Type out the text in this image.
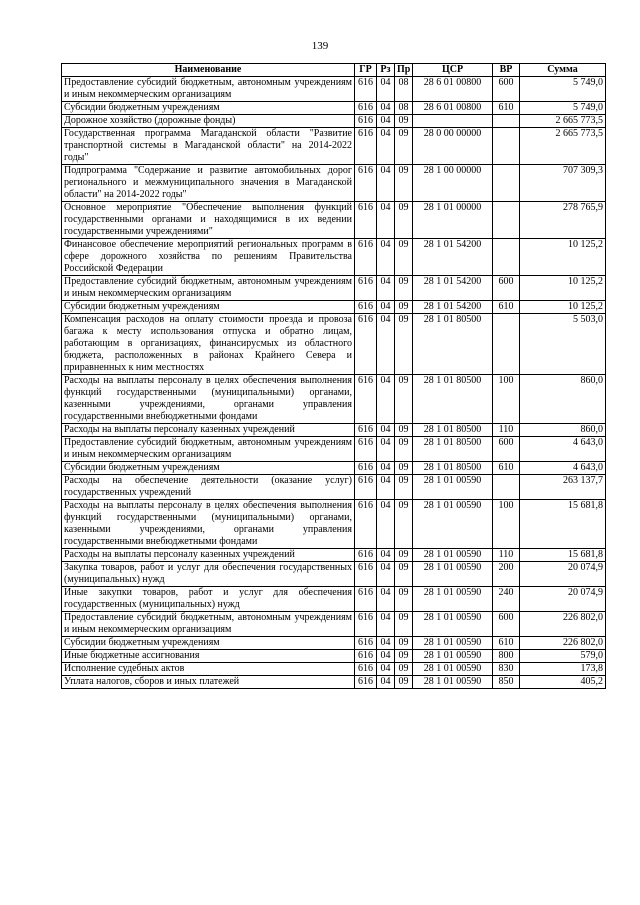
139
Наименование	ГР	Рз	Пр	ЦСР	ВР	Сумма
Предоставление субсидий бюджетным, автономным учреждениям и иным некоммерческим организациям	616	04	08	28 6 01 00800	600	5 749,0
Субсидии бюджетным учреждениям	616	04	08	28 6 01 00800	610	5 749,0
Дорожное хозяйство (дорожные фонды)	616	04	09			2 665 773,5
Государственная программа Магаданской области "Развитие транспортной системы в Магаданской области" на 2014-2022 годы"	616	04	09	28 0 00 00000		2 665 773,5
Подпрограмма "Содержание и развитие автомобильных дорог регионального и межмуниципального значения в Магаданской области" на 2014-2022 годы"	616	04	09	28 1 00 00000		707 309,3
Основное мероприятие "Обеспечение выполнения функций государственными органами и находящимися в их ведении государственными учреждениями"	616	04	09	28 1 01 00000		278 765,9
Финансовое обеспечение мероприятий региональных программ в сфере дорожного хозяйства по решениям Правительства Российской Федерации	616	04	09	28 1 01 54200		10 125,2
Предоставление субсидий бюджетным, автономным учреждениям и иным некоммерческим организациям	616	04	09	28 1 01 54200	600	10 125,2
Субсидии бюджетным учреждениям	616	04	09	28 1 01 54200	610	10 125,2
Компенсация расходов на оплату стоимости проезда и провоза багажа к месту использования отпуска и обратно лицам, работающим в организациях, финансирусмых из областного бюджета, расположенных в районах Крайнего Севера и приравненных к ним местностях	616	04	09	28 1 01 80500		5 503,0
Расходы на выплаты персоналу в целях обеспечения выполнения функций государственными (муниципальными) органами, казенными учреждениями, органами управления государственными внебюджетными фондами	616	04	09	28 1 01 80500	100	860,0
Расходы на выплаты персоналу казенных учреждений	616	04	09	28 1 01 80500	110	860,0
Предоставление субсидий бюджетным, автономным учреждениям и иным некоммерческим организациям	616	04	09	28 1 01 80500	600	4 643,0
Субсидии бюджетным учреждениям	616	04	09	28 1 01 80500	610	4 643,0
Расходы на обеспечение деятельности (оказание услуг) государственных учреждений	616	04	09	28 1 01 00590		263 137,7
Расходы на выплаты персоналу в целях обеспечения выполнения функций государственными (муниципальными) органами, казенными учреждениями, органами управления государственными внебюджетными фондами	616	04	09	28 1 01 00590	100	15 681,8
Расходы на выплаты персоналу казенных учреждений	616	04	09	28 1 01 00590	110	15 681,8
Закупка товаров, работ и услуг для обеспечения государственных (муниципальных) нужд	616	04	09	28 1 01 00590	200	20 074,9
Иные закупки товаров, работ и услуг для обеспечения государственных (муниципальных) нужд	616	04	09	28 1 01 00590	240	20 074,9
Предоставление субсидий бюджетным, автономным учреждениям и иным некоммерческим организациям	616	04	09	28 1 01 00590	600	226 802,0
Субсидии бюджетным учреждениям	616	04	09	28 1 01 00590	610	226 802,0
Иные бюджетные ассигнования	616	04	09	28 1 01 00590	800	579,0
Исполнение судебных актов	616	04	09	28 1 01 00590	830	173,8
Уплата налогов, сборов и иных платежей	616	04	09	28 1 01 00590	850	405,2
